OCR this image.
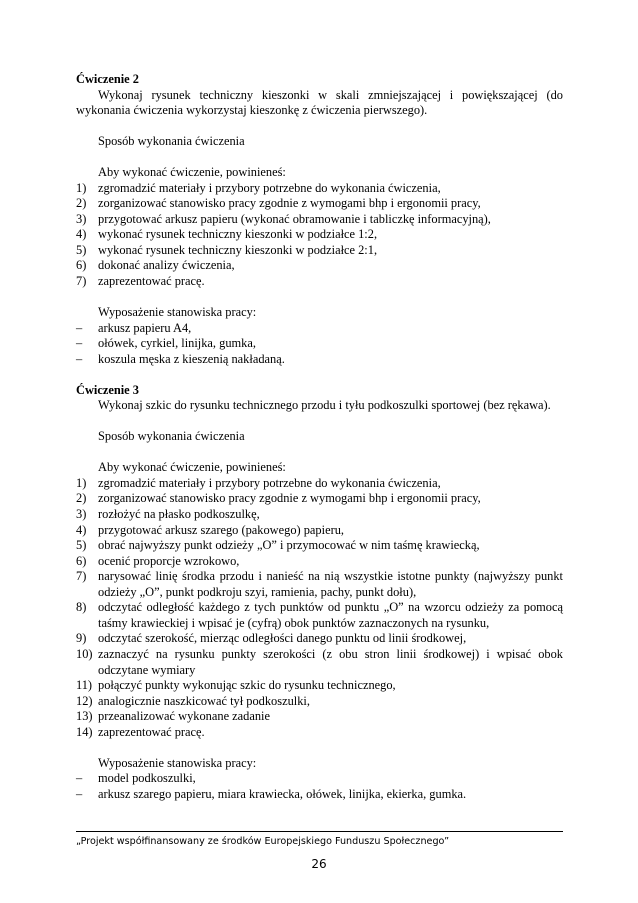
Ćwiczenie 2
Wykonaj rysunek techniczny kieszonki w skali zmniejszającej i powiększającej (do wykonania ćwiczenia wykorzystaj kieszonkę z ćwiczenia pierwszego).
Sposób wykonania ćwiczenia
Aby wykonać ćwiczenie, powinieneś:
1) zgromadzić materiały i przybory potrzebne do wykonania ćwiczenia,
2) zorganizować stanowisko pracy zgodnie z wymogami bhp i ergonomii pracy,
3) przygotować arkusz papieru (wykonać obramowanie i tabliczkę informacyjną),
4) wykonać rysunek techniczny kieszonki w podziałce 1:2,
5) wykonać rysunek techniczny kieszonki w podziałce 2:1,
6) dokonać analizy ćwiczenia,
7) zaprezentować pracę.
Wyposażenie stanowiska pracy:
– arkusz papieru A4,
– ołówek, cyrkiel, linijka, gumka,
– koszula męska z kieszenią nakładaną.
Ćwiczenie 3
Wykonaj szkic do rysunku technicznego przodu i tyłu podkoszulki sportowej (bez rękawa).
Sposób wykonania ćwiczenia
Aby wykonać ćwiczenie, powinieneś:
1) zgromadzić materiały i przybory potrzebne do wykonania ćwiczenia,
2) zorganizować stanowisko pracy zgodnie z wymogami bhp i ergonomii pracy,
3) rozłożyć na płasko podkoszulkę,
4) przygotować arkusz szarego (pakowego) papieru,
5) obrać najwyższy punkt odzieży „O” i przymocować w nim taśmę krawiecką,
6) ocenić proporcje wzrokowo,
7) narysować linię środka przodu i nanieść na nią wszystkie istotne punkty (najwyższy punkt odzieży „O”, punkt podkroju szyi, ramienia, pachy, punkt dołu),
8) odczytać odległość każdego z tych punktów od punktu „O” na wzorcu odzieży za pomocą taśmy krawieckiej i wpisać je (cyfrą) obok punktów zaznaczonych na rysunku,
9) odczytać szerokość, mierząc odległości danego punktu od linii środkowej,
10) zaznaczyć na rysunku punkty szerokości (z obu stron linii środkowej) i wpisać obok odczytane wymiary
11) połączyć punkty wykonując szkic do rysunku technicznego,
12) analogicznie naszkicować tył podkoszulki,
13) przeanalizować wykonane zadanie
14) zaprezentować pracę.
Wyposażenie stanowiska pracy:
– model podkoszulki,
– arkusz szarego papieru, miara krawiecka, ołówek, linijka, ekierka, gumka.
„Projekt współfinansowany ze środków Europejskiego Funduszu Społecznego”
26
